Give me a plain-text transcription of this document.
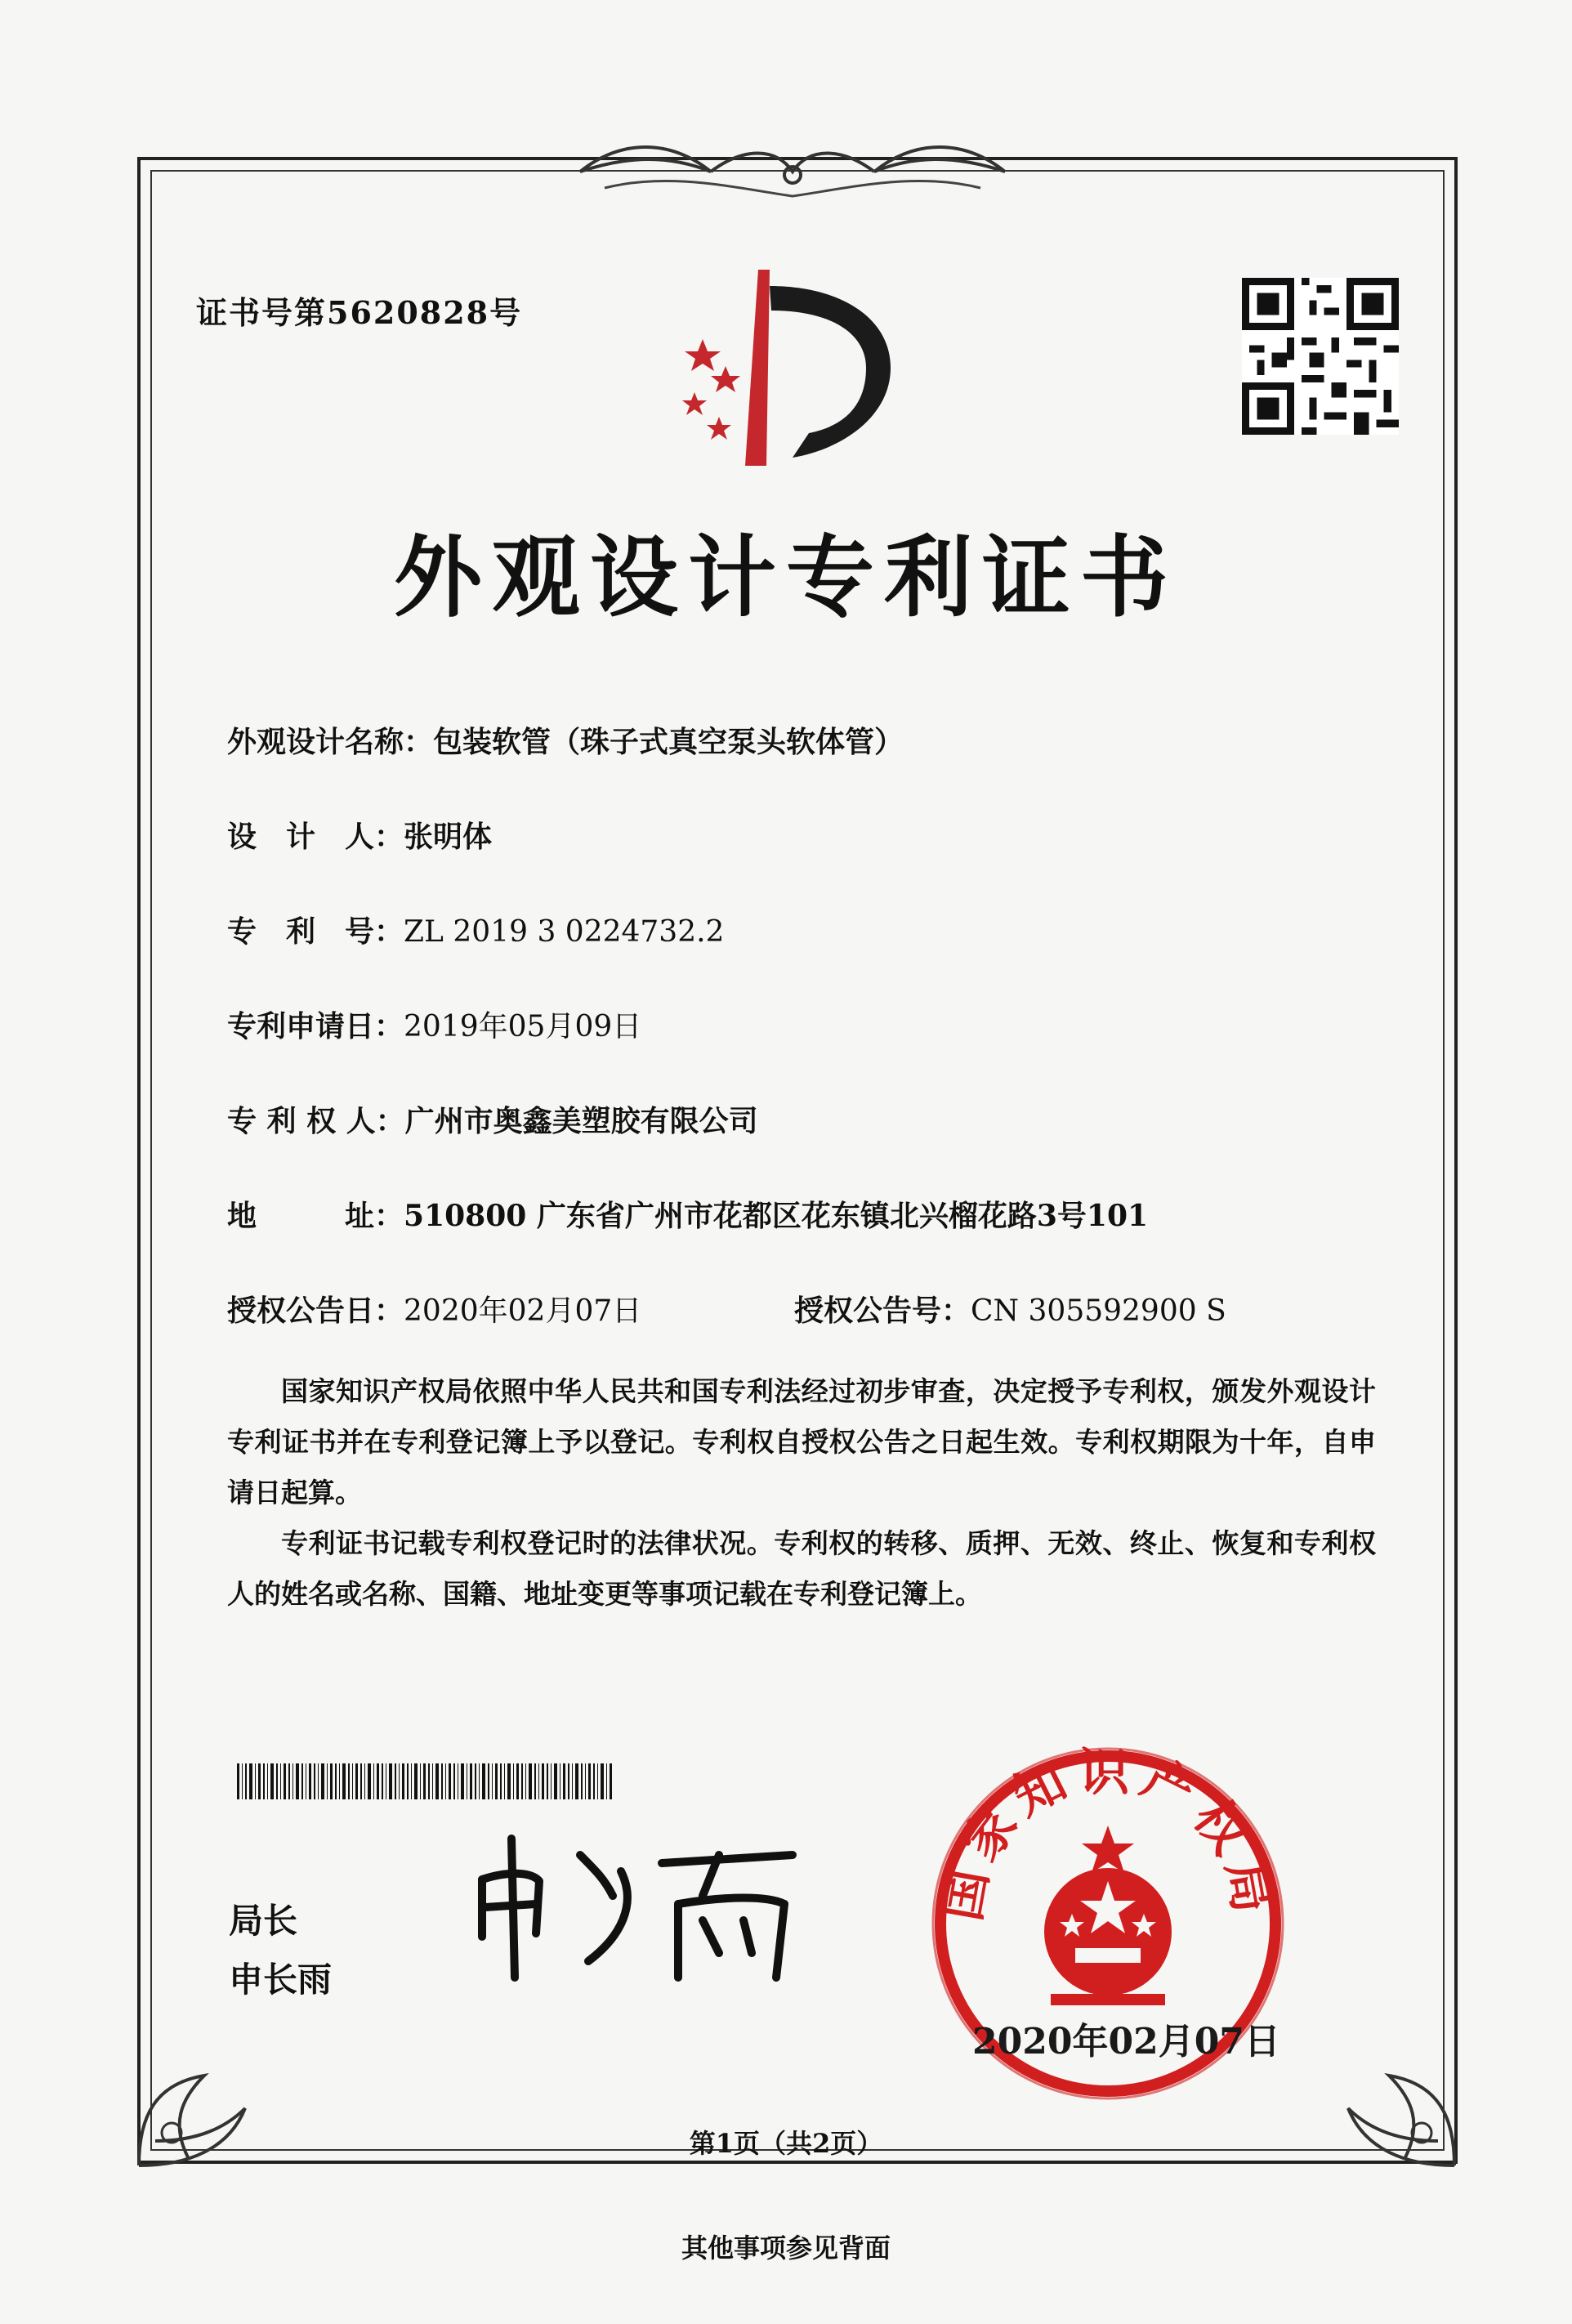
证书号第5620828号
外观设计专利证书
外观设计名称：包装软管（珠子式真空泵头软体管）
设　计　人：张明体
专　利　号：ZL 2019 3 0224732.2
专利申请日：2019年05月09日
专 利 权 人：广州市奥鑫美塑胶有限公司
地　　　址：510800 广东省广州市花都区花东镇北兴榴花路3号101
授权公告日：2020年02月07日	授权公告号：CN 305592900 S

国家知识产权局依照中华人民共和国专利法经过初步审查，决定授予专利权，颁发外观设计专利证书并在专利登记簿上予以登记。专利权自授权公告之日起生效。专利权期限为十年，自申请日起算。

专利证书记载专利权登记时的法律状况。专利权的转移、质押、无效、终止、恢复和专利权人的姓名或名称、国籍、地址变更等事项记载在专利登记簿上。

局长
申长雨
国家知识产权局
2020年02月07日
第1页（共2页）
其他事项参见背面
